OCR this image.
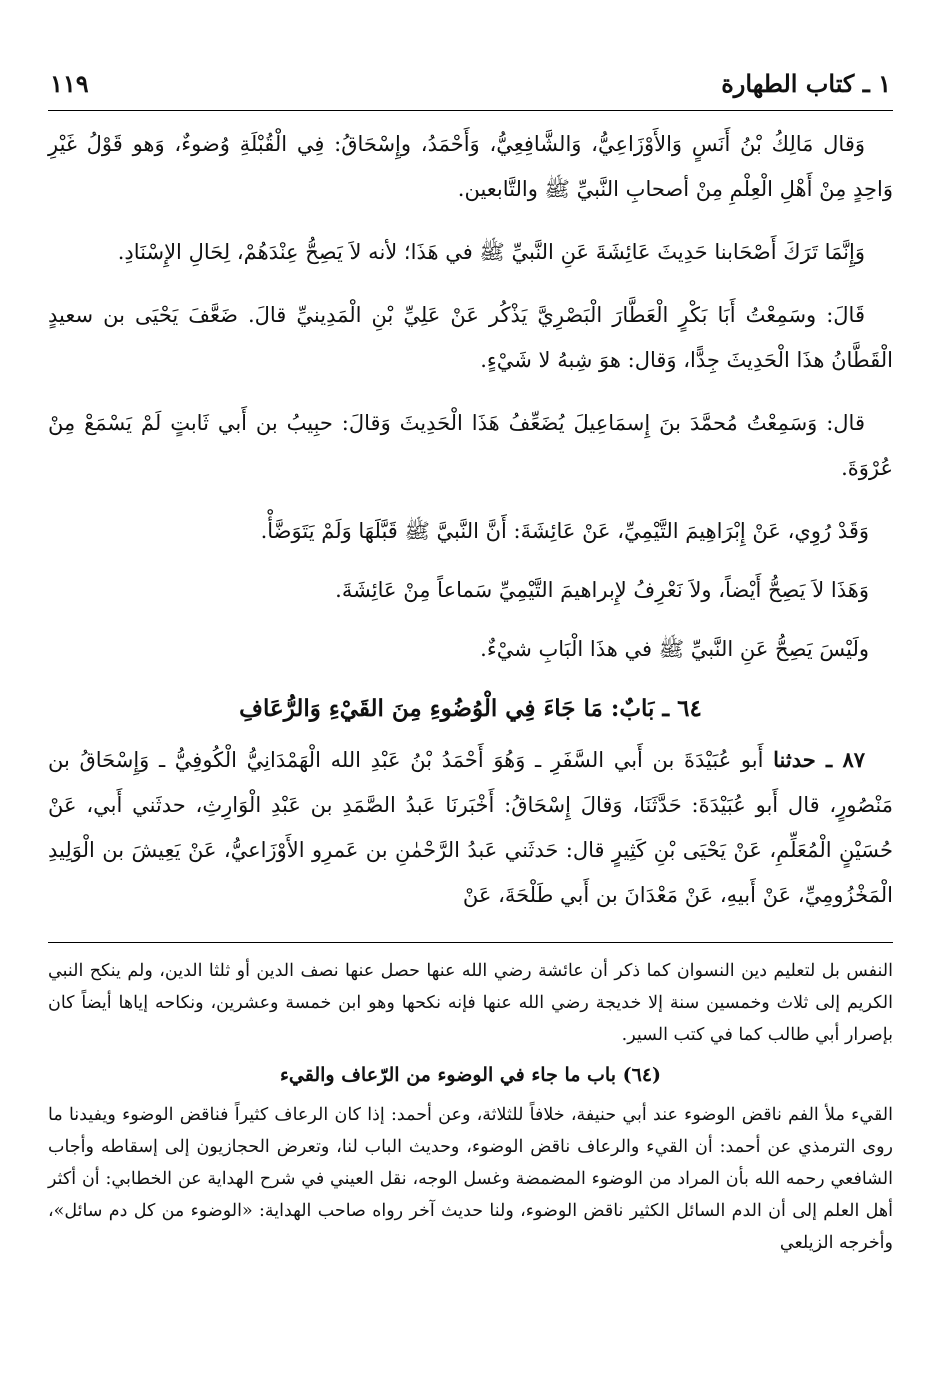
١ ـ كتاب الطهارة
١١٩

وَقال مَالِكُ بْنُ أَنَسٍ وَالأَوْزَاعِيُّ، وَالشَّافِعِيُّ، وَأَحْمَدُ، وإِسْحَاقُ: فِي الْقُبْلَةِ وُضوءٌ، وَهو قَوْلُ غَيْرِ وَاحِدٍ مِنْ أَهْلِ الْعِلْمِ مِنْ أصحابِ النَّبيِّ ﷺ والتَّابعين.

وَإِنَّمَا تَرَكَ أَصْحَابنا حَدِيثَ عَائِشَةَ عَنِ النَّبيِّ ﷺ في هَذَا؛ لأنه لاَ يَصِحُّ عِنْدَهُمْ، لِحَالِ الإِسْنَادِ.

قَالَ: وسَمِعْتُ أَبَا بَكْرٍ الْعَطَّارَ الْبَصْرِيَّ يَذْكُر عَنْ عَلِيِّ بْنِ الْمَدِينيِّ قالَ. ضَعَّفَ يَحْيَى بن سعيدٍ الْقَطَّانُ هذَا الْحَدِيثَ جِدًّا، وَقال: هوَ شِبهُ لا شَيْءٍ.

قال: وَسَمِعْتُ مُحمَّدَ بنَ إِسمَاعِيلَ يُضَعِّفُ هَذَا الْحَدِيثَ وَقالَ: حبِيبُ بن أَبي ثَابتٍ لَمْ يَسْمَعْ مِنْ عُرْوَةَ.

وَقَدْ رُوِي، عَنْ إِبْرَاهِيمَ التَّيْمِيِّ، عَنْ عَائِشَةَ: أَنَّ النَّبيَّ ﷺ قَبَّلَهَا وَلَمْ يَتَوَضَّأْ.

وَهَذَا لاَ يَصِحُّ أَيْضاً، ولاَ نَعْرِفُ لإِبراهيمَ التَّيْمِيِّ سَماعاً مِنْ عَائِشَةَ.

ولَيْسَ يَصِحُّ عَنِ النَّبيِّ ﷺ في هذَا الْبَابِ شيْءٌ.

٦٤ ـ بَابٌ: مَا جَاءَ فِي الْوُضُوءِ مِنَ القَيْءِ وَالرُّعَافِ

٨٧ ـ حدثنا أَبو عُبَيْدَةَ بن أَبي السَّفَرِ ـ وَهُوَ أَحْمَدُ بْنُ عَبْدِ الله الْهَمْدَانِيُّ الْكُوفِيُّ ـ وَإِسْحَاقُ بن مَنْصُورٍ، قال أَبو عُبَيْدَةَ: حَدَّثَنَا، وَقالَ إِسْحَاقُ: أَخْبَرنَا عَبدُ الصَّمَدِ بن عَبْدِ الْوَارِثِ، حدثَني أَبي، عَنْ حُسَيْنٍ الْمُعَلِّمِ، عَنْ يَحْيَى بْنِ كَثِيرٍ قال: حَدثَني عَبدُ الرَّحْمٰنِ بن عَمرِو الأَوْزَاعيُّ، عَنْ يَعِيشَ بن الْوَلِيدِ الْمَخْزُومِيِّ، عَنْ أَبيهِ، عَنْ مَعْدَانَ بن أَبي طَلْحَةَ، عَنْ

النفس بل لتعليم دين النسوان كما ذكر أن عائشة رضي الله عنها حصل عنها نصف الدين أو ثلثا الدين، ولم ينكح النبي الكريم إلى ثلاث وخمسين سنة إلا خديجة رضي الله عنها فإنه نكحها وهو ابن خمسة وعشرين، ونكاحه إياها أيضاً كان بإصرار أبي طالب كما في كتب السير.

(٦٤) باب ما جاء في الوضوء من الرّعاف والقيء

القيء ملأ الفم ناقض الوضوء عند أبي حنيفة، خلافاً للثلاثة، وعن أحمد: إذا كان الرعاف كثيراً فناقض الوضوء ويفيدنا ما روى الترمذي عن أحمد: أن القيء والرعاف ناقض الوضوء، وحديث الباب لنا، وتعرض الحجازيون إلى إسقاطه وأجاب الشافعي رحمه الله بأن المراد من الوضوء المضمضة وغسل الوجه، نقل العيني في شرح الهداية عن الخطابي: أن أكثر أهل العلم إلى أن الدم السائل الكثير ناقض الوضوء، ولنا حديث آخر رواه صاحب الهداية: «الوضوء من كل دم سائل»، وأخرجه الزيلعي
